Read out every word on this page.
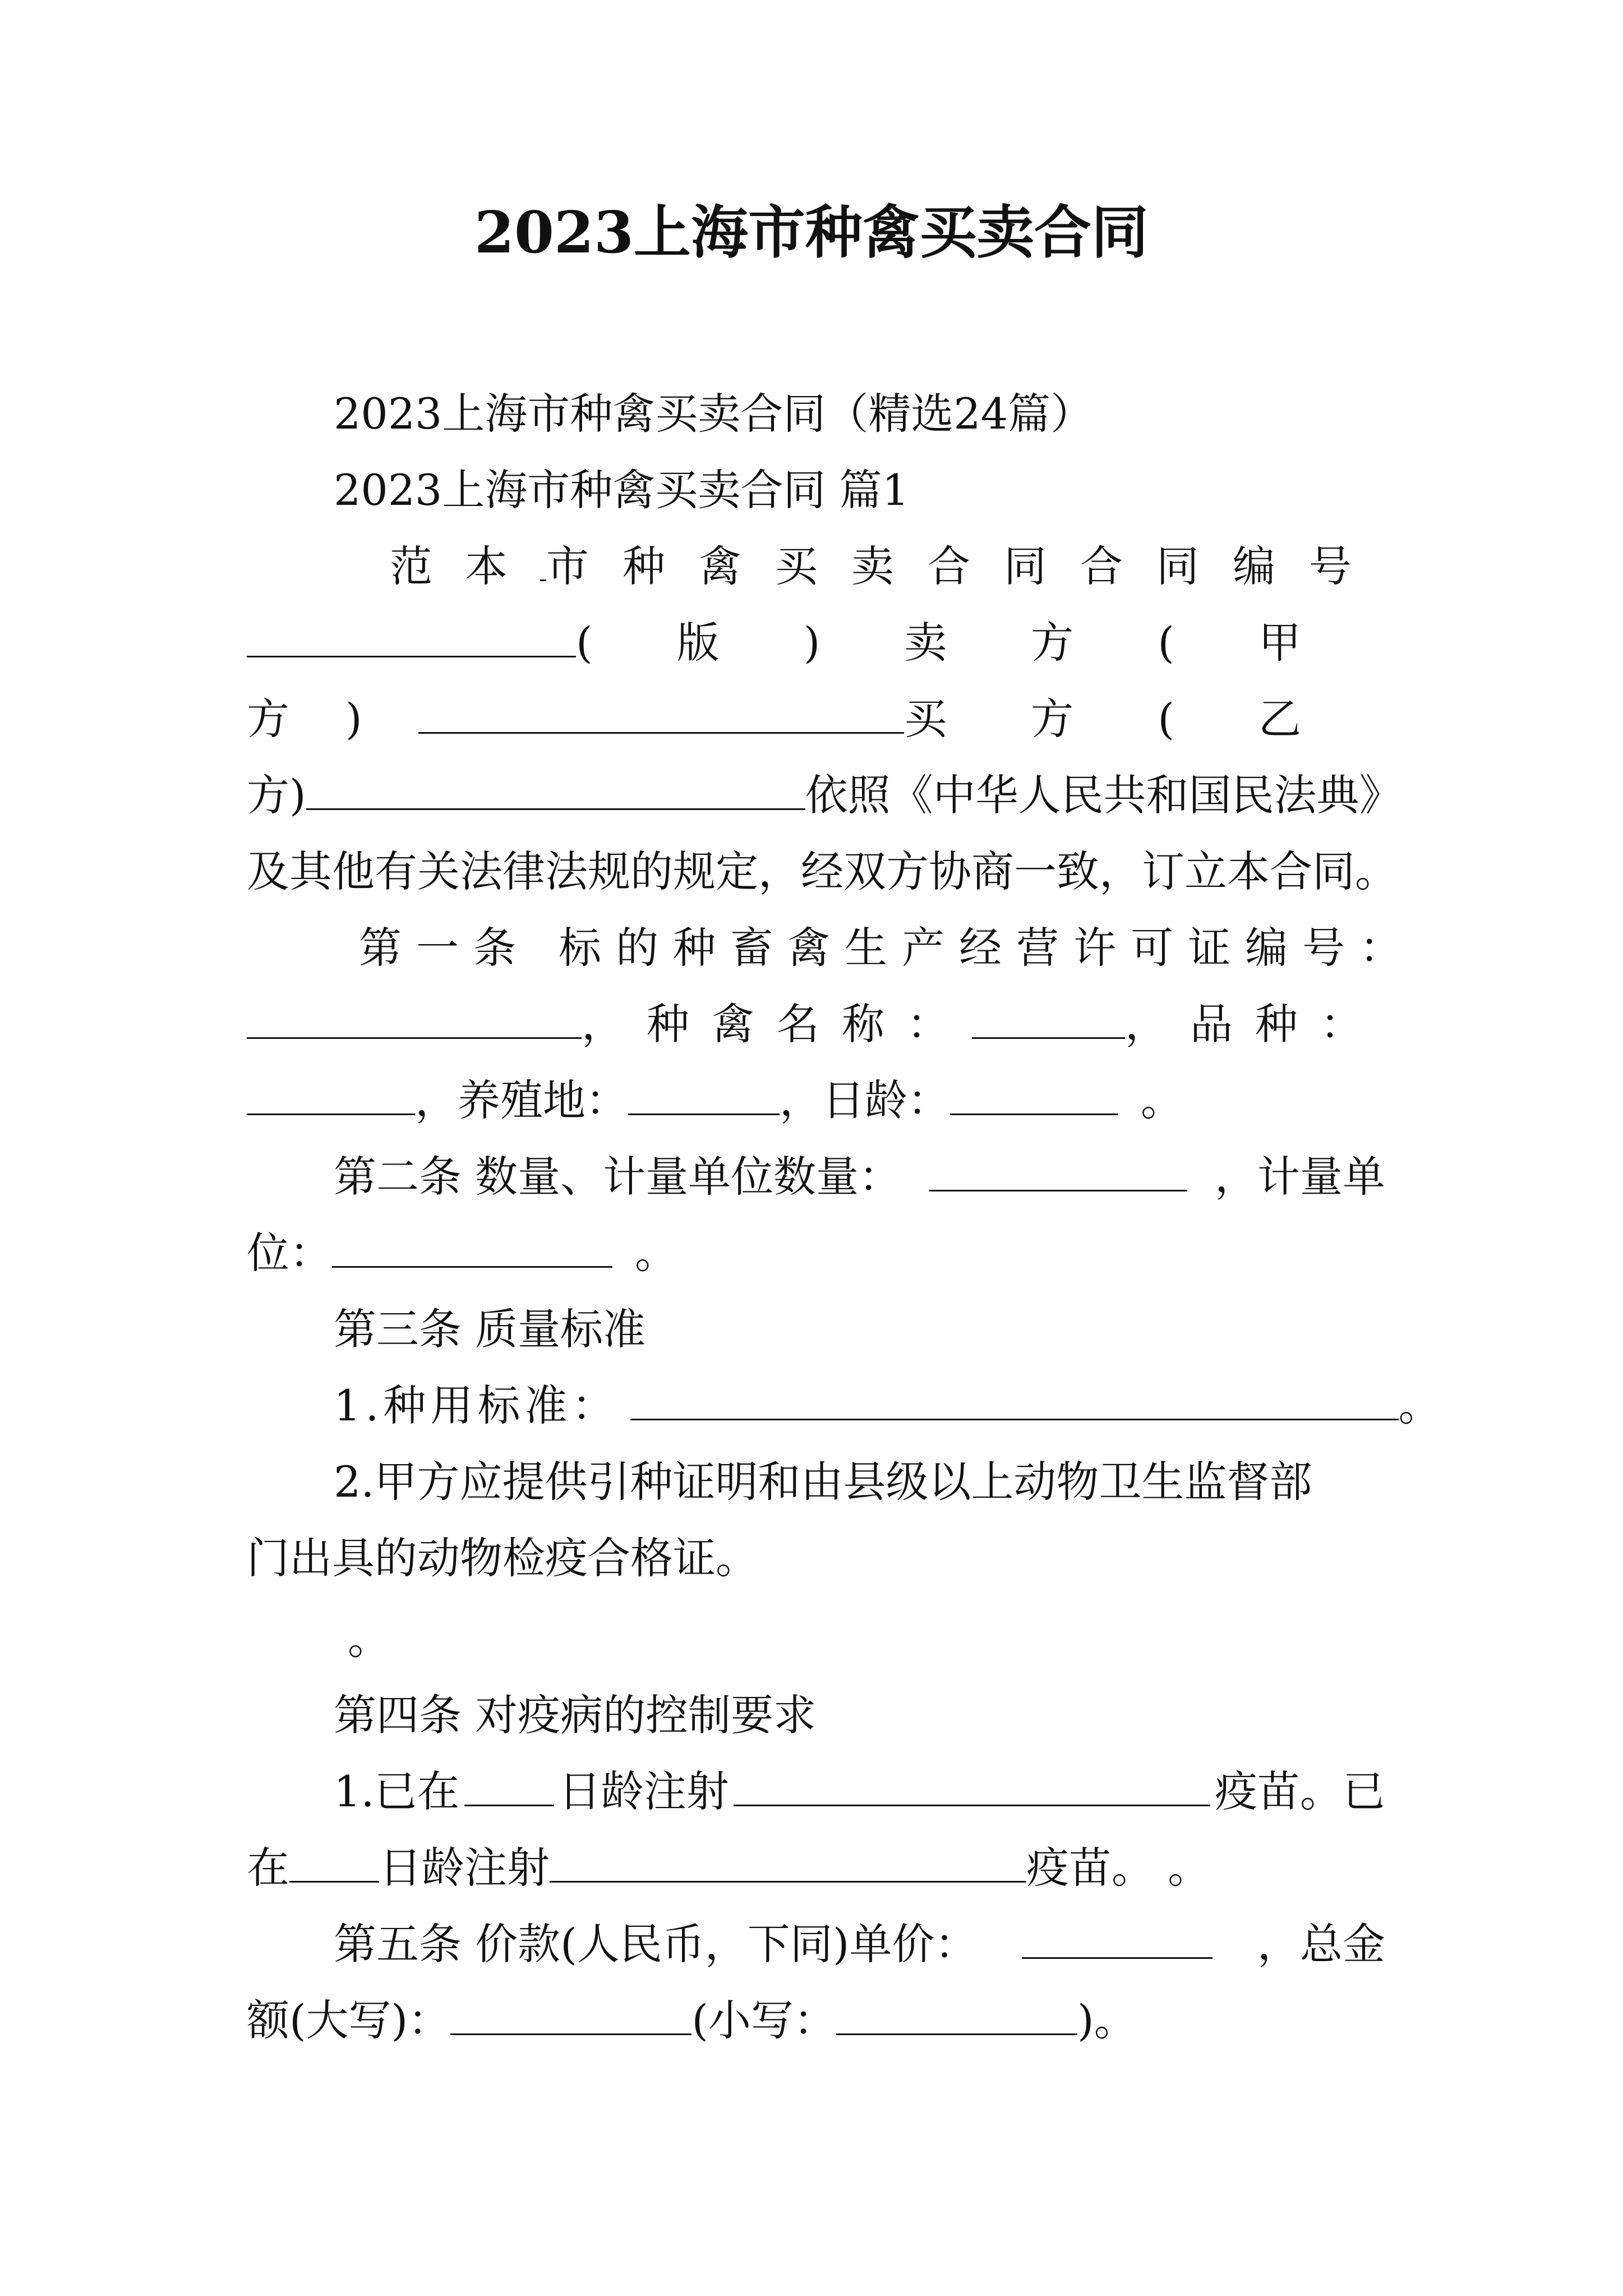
2023上海市种禽买卖合同
2023上海市种禽买卖合同（精选24篇）
2023上海市种禽买卖合同 篇1
范本 市种禽买卖合同合同编号
(版)卖方(甲
方)	买方(乙
方)	依照《中华人民共和国民法典》
及其他有关法律法规的规定，经双方协商一致，订立本合同。
第一条 标的种畜禽生产经营许可证编号：
，种禽名称：	，品种：
，养殖地：	，日龄：	。
第二条 数量、计量单位数量：	，计量单
位：	。
第三条 质量标准
1.种用标准：	。
2.甲方应提供引种证明和由县级以上动物卫生监督部
门出具的动物检疫合格证。
。
第四条 对疫病的控制要求
1.已在 日龄注射	疫苗。已
在 日龄注射	疫苗。 。
第五条 价款(人民币，下同)单价：	，总金
额(大写)：	(小写：	)。
